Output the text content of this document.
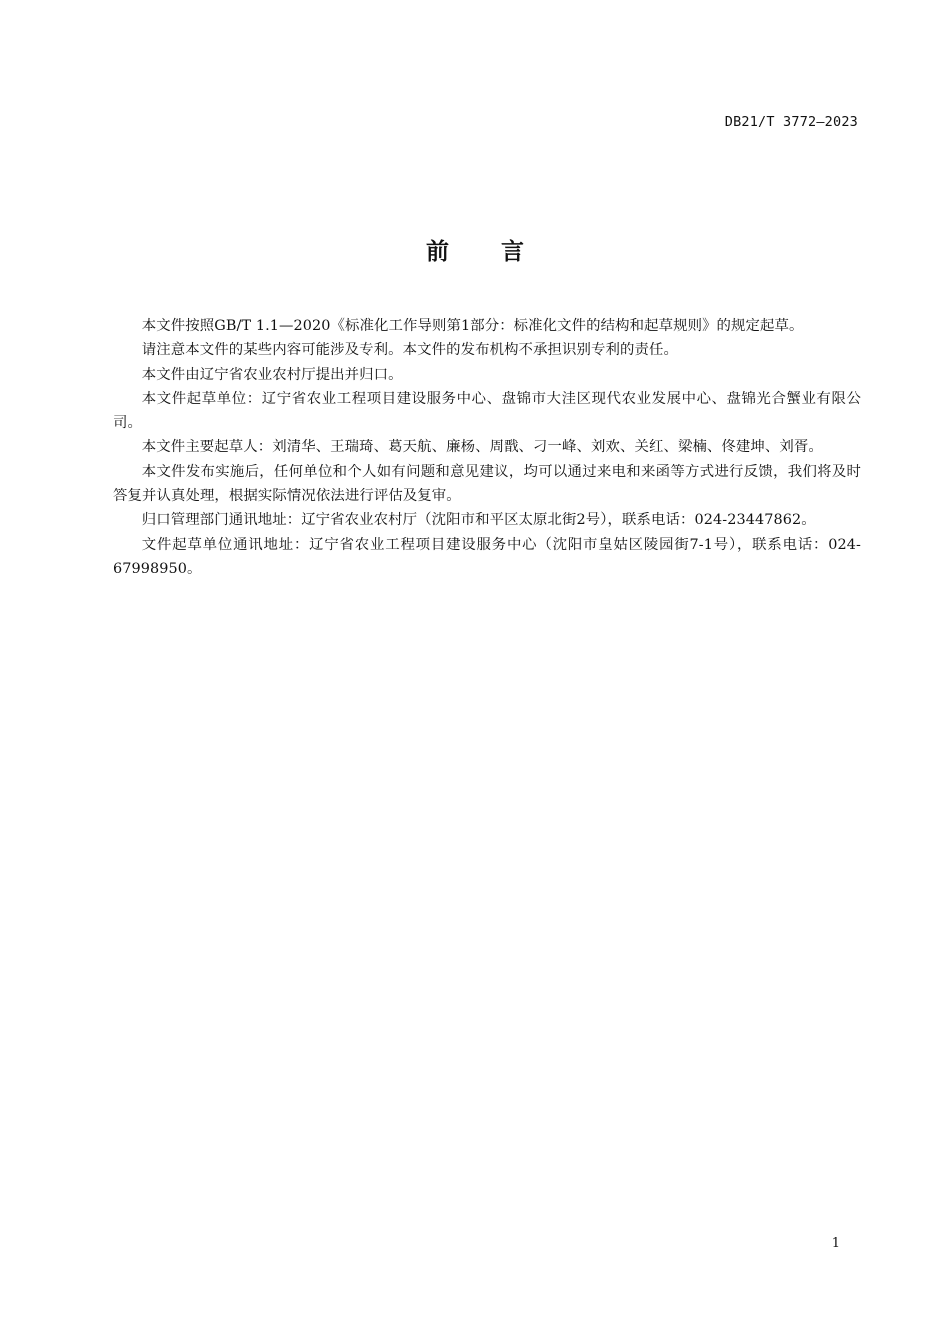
DB21/T 3772—2023
前言

本文件按照GB/T 1.1—2020《标准化工作导则第1部分：标准化文件的结构和起草规则》的规定起草。

请注意本文件的某些内容可能涉及专利。本文件的发布机构不承担识别专利的责任。

本文件由辽宁省农业农村厅提出并归口。

本文件起草单位：辽宁省农业工程项目建设服务中心、盘锦市大洼区现代农业发展中心、盘锦光合蟹业有限公司。

本文件主要起草人：刘清华、王瑞琦、葛天航、廉杨、周戬、刁一峰、刘欢、关红、梁楠、佟建坤、刘胥。

本文件发布实施后，任何单位和个人如有问题和意见建议，均可以通过来电和来函等方式进行反馈，我们将及时答复并认真处理，根据实际情况依法进行评估及复审。

归口管理部门通讯地址：辽宁省农业农村厅（沈阳市和平区太原北街2号），联系电话：024-23447862。

文件起草单位通讯地址：辽宁省农业工程项目建设服务中心（沈阳市皇姑区陵园街7-1号），联系电话：024-67998950。

1
